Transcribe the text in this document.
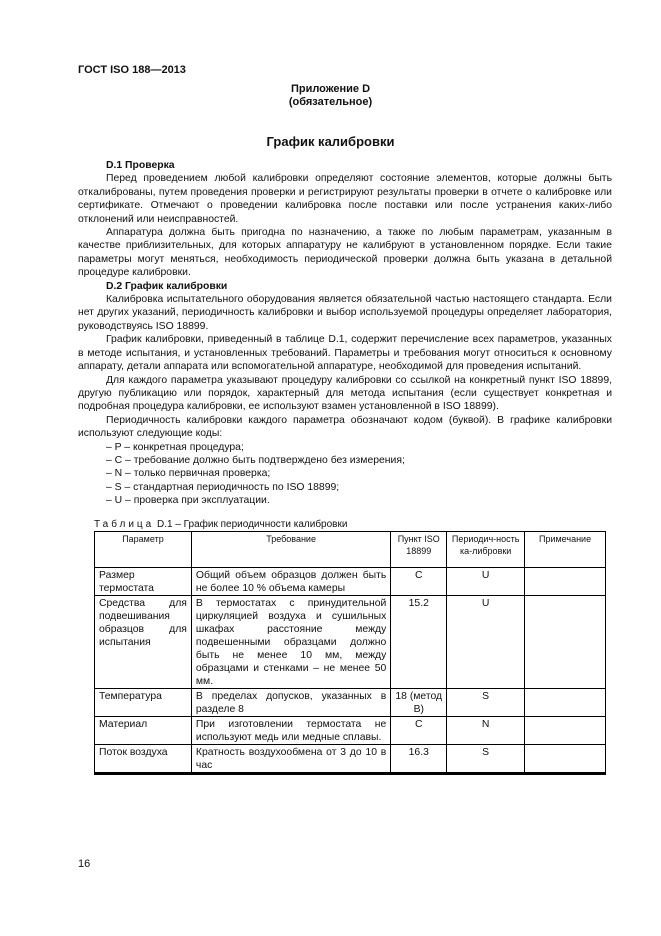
ГОСТ ISO 188—2013
Приложение D
(обязательное)
График калибровки
D.1 Проверка

Перед проведением любой калибровки определяют состояние элементов, которые должны быть откалиброваны, путем проведения проверки и регистрируют результаты проверки в отчете о калибровке или сертификате. Отмечают о проведении калибровка после поставки или после устранения каких-либо отклонений или неисправностей.

Аппаратура должна быть пригодна по назначению, а также по любым параметрам, указанным в качестве приблизительных, для которых аппаратуру не калибруют в установленном порядке. Если такие параметры могут меняться, необходимость периодической проверки должна быть указана в детальной процедуре калибровки.

D.2 График калибровки

Калибровка испытательного оборудования является обязательной частью настоящего стандарта. Если нет других указаний, периодичность калибровки и выбор используемой процедуры определяет лаборатория, руководствуясь ISO 18899.

График калибровки, приведенный в таблице D.1, содержит перечисление всех параметров, указанных в методе испытания, и установленных требований. Параметры и требования могут относиться к основному аппарату, детали аппарата или вспомогательной аппаратуре, необходимой для проведения испытаний.

Для каждого параметра указывают процедуру калибровки со ссылкой на конкретный пункт ISO 18899, другую публикацию или порядок, характерный для метода испытания (если существует конкретная и подробная процедура калибровки, ее используют взамен установленной в ISO 18899).

Периодичность калибровки каждого параметра обозначают кодом (буквой). В графике калибровки используют следующие коды:

– P – конкретная процедура;
– C – требование должно быть подтверждено без измерения;
– N – только первичная проверка;
– S – стандартная периодичность по ISO 18899;
– U – проверка при эксплуатации.
Таблица D.1 – График периодичности калибровки
Параметр	Требование	Пункт ISO 18899	Периодич-ность ка-либровки	Примечание
Размер термостата	Общий объем образцов должен быть не более 10 % объема камеры	C	U	
Средства для подвешивания образцов для испытания	В термостатах с принудительной циркуляцией воздуха и сушильных шкафах расстояние между подвешенными образцами должно быть не менее 10 мм, между образцами и стенками – не менее 50 мм.	15.2	U	
Температура	В пределах допусков, указанных в разделе 8	18 (метод B)	S	
Материал	При изготовлении термостата не используют медь или медные сплавы.	C	N	
Поток воздуха	Кратность воздухообмена от 3 до 10 в час	16.3	S	
16
